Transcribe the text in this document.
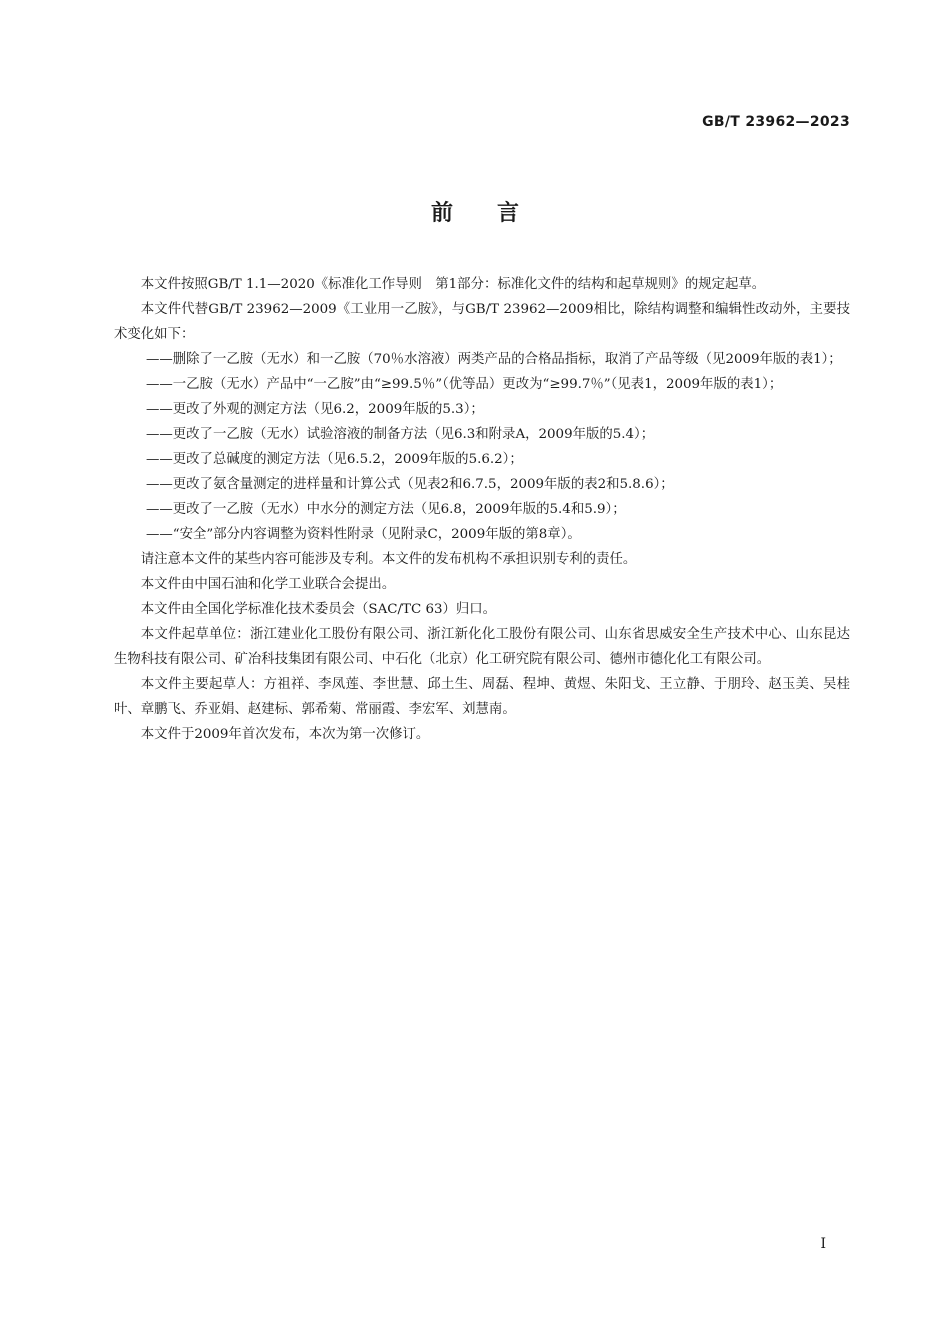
GB/T 23962—2023
前言

本文件按照GB/T 1.1—2020《标准化工作导则　第1部分：标准化文件的结构和起草规则》的规定起草。

本文件代替GB/T 23962—2009《工业用一乙胺》，与GB/T 23962—2009相比，除结构调整和编辑性改动外，主要技术变化如下：

——删除了一乙胺（无水）和一乙胺（70％水溶液）两类产品的合格品指标，取消了产品等级（见2009年版的表1）；
——一乙胺（无水）产品中“一乙胺”由“≥99.5％”（优等品）更改为“≥99.7％”（见表1，2009年版的表1）；
——更改了外观的测定方法（见6.2，2009年版的5.3）；
——更改了一乙胺（无水）试验溶液的制备方法（见6.3和附录A，2009年版的5.4）；
——更改了总碱度的测定方法（见6.5.2，2009年版的5.6.2）；
——更改了氨含量测定的进样量和计算公式（见表2和6.7.5，2009年版的表2和5.8.6）；
——更改了一乙胺（无水）中水分的测定方法（见6.8，2009年版的5.4和5.9）；
——“安全”部分内容调整为资料性附录（见附录C，2009年版的第8章）。

请注意本文件的某些内容可能涉及专利。本文件的发布机构不承担识别专利的责任。

本文件由中国石油和化学工业联合会提出。

本文件由全国化学标准化技术委员会（SAC/TC 63）归口。

本文件起草单位：浙江建业化工股份有限公司、浙江新化化工股份有限公司、山东省思威安全生产技术中心、山东昆达生物科技有限公司、矿冶科技集团有限公司、中石化（北京）化工研究院有限公司、德州市德化化工有限公司。

本文件主要起草人：方祖祥、李凤莲、李世慧、邱土生、周磊、程坤、黄煜、朱阳戈、王立静、于朋玲、赵玉美、吴桂叶、章鹏飞、乔亚娟、赵建标、郭希菊、常丽霞、李宏军、刘慧南。

本文件于2009年首次发布，本次为第一次修订。

I
